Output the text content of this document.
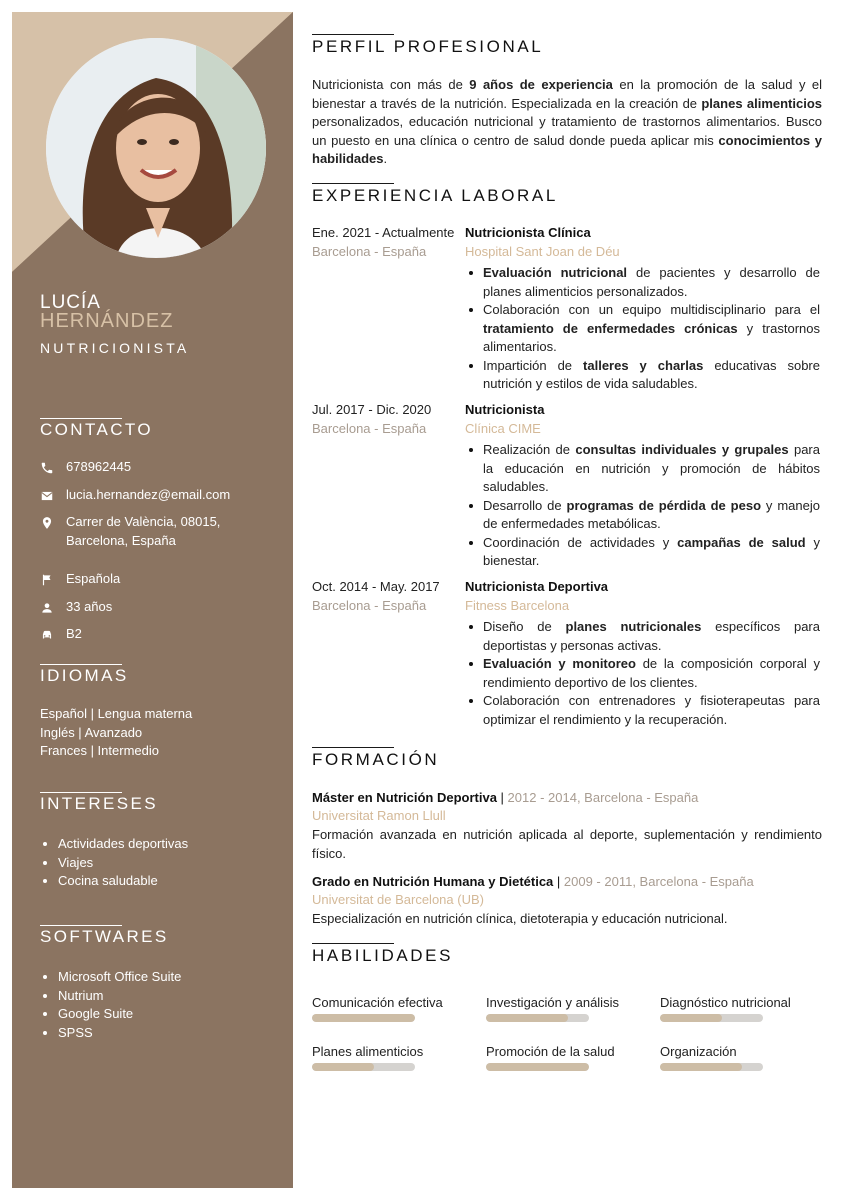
LUCÍA
HERNÁNDEZ
NUTRICIONISTA
CONTACTO
678962445
lucia.hernandez@email.com
Carrer de València, 08015, Barcelona, España
Española
33 años
B2
IDIOMAS
Español | Lengua materna
Inglés | Avanzado
Frances | Intermedio
INTERESES
Actividades deportivas
Viajes
Cocina saludable
SOFTWARES
Microsoft Office Suite
Nutrium
Google Suite
SPSS
PERFIL PROFESIONAL
Nutricionista con más de 9 años de experiencia en la promoción de la salud y el bienestar a través de la nutrición. Especializada en la creación de planes alimenticios personalizados, educación nutricional y tratamiento de trastornos alimentarios. Busco un puesto en una clínica o centro de salud donde pueda aplicar mis conocimientos y habilidades.
EXPERIENCIA LABORAL
Ene. 2021 - Actualmente
Barcelona - España
Nutricionista Clínica
Hospital Sant Joan de Déu
Evaluación nutricional de pacientes y desarrollo de planes alimenticios personalizados.
Colaboración con un equipo multidisciplinario para el tratamiento de enfermedades crónicas y trastornos alimentarios.
Impartición de talleres y charlas educativas sobre nutrición y estilos de vida saludables.
Jul. 2017 - Dic. 2020
Barcelona - España
Nutricionista
Clínica CIME
Realización de consultas individuales y grupales para la educación en nutrición y promoción de hábitos saludables.
Desarrollo de programas de pérdida de peso y manejo de enfermedades metabólicas.
Coordinación de actividades y campañas de salud y bienestar.
Oct. 2014 - May. 2017
Barcelona - España
Nutricionista Deportiva
Fitness Barcelona
Diseño de planes nutricionales específicos para deportistas y personas activas.
Evaluación y monitoreo de la composición corporal y rendimiento deportivo de los clientes.
Colaboración con entrenadores y fisioterapeutas para optimizar el rendimiento y la recuperación.
FORMACIÓN
Máster en Nutrición Deportiva | 2012 - 2014, Barcelona - España
Universitat Ramon Llull
Formación avanzada en nutrición aplicada al deporte, suplementación y rendimiento físico.
Grado en Nutrición Humana y Dietética | 2009 - 2011, Barcelona - España
Universitat de Barcelona (UB)
Especialización en nutrición clínica, dietoterapia y educación nutricional.
HABILIDADES
Comunicación efectiva	Investigación y análisis	Diagnóstico nutricional
Planes alimenticios	Promoción de la salud	Organización
